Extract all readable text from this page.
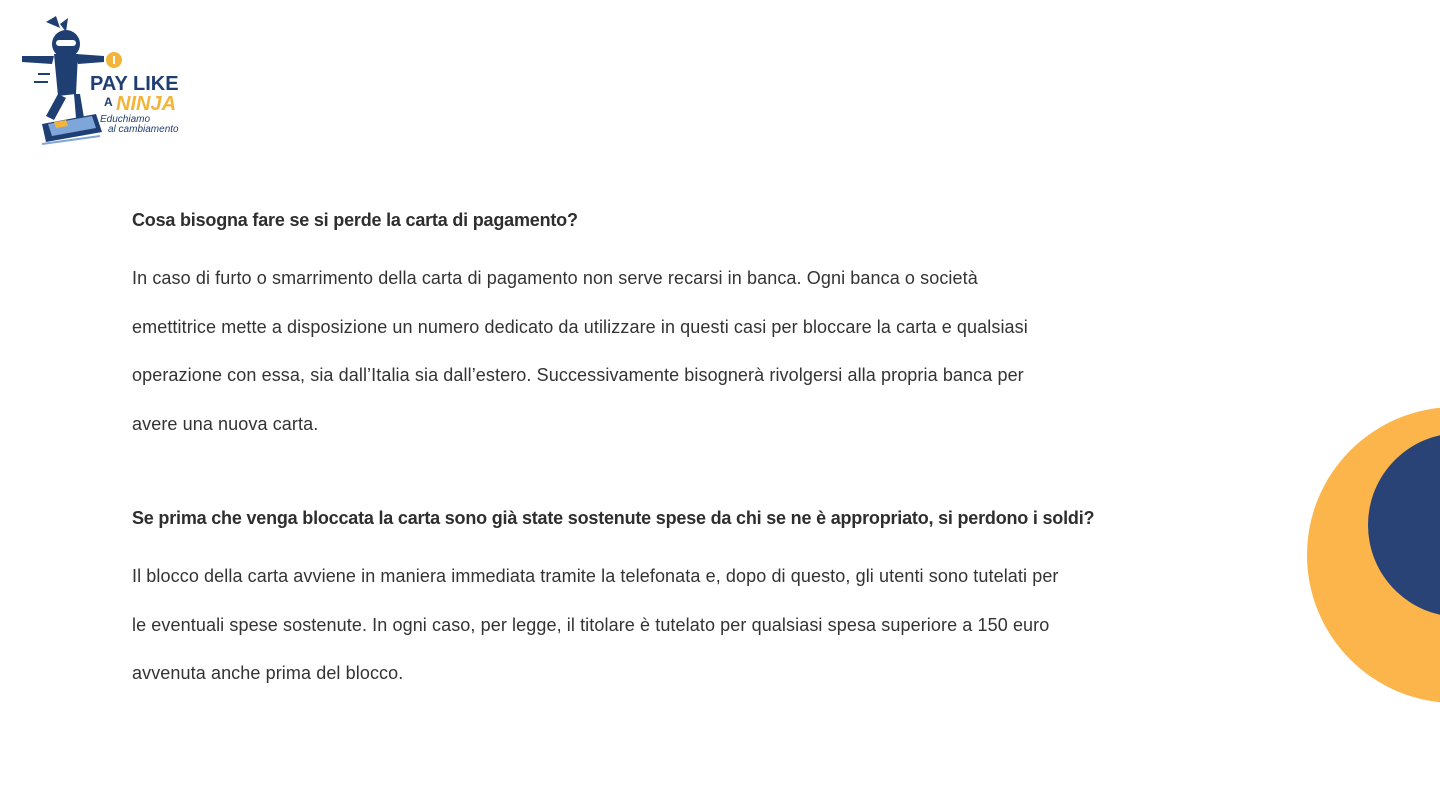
PAY LIKE
A NINJA
Educhiamo
al cambiamento
Cosa bisogna fare se si perde la carta di pagamento?

In caso di furto o smarrimento della carta di pagamento non serve recarsi in banca. Ogni banca o società
emettitrice mette a disposizione un numero dedicato da utilizzare in questi casi per bloccare la carta e qualsiasi
operazione con essa, sia dall’Italia sia dall’estero. Successivamente bisognerà rivolgersi alla propria banca per
avere una nuova carta.

Se prima che venga bloccata la carta sono già state sostenute spese da chi se ne è appropriato, si perdono i soldi?

Il blocco della carta avviene in maniera immediata tramite la telefonata e, dopo di questo, gli utenti sono tutelati per
le eventuali spese sostenute. In ogni caso, per legge, il titolare è tutelato per qualsiasi spesa superiore a 150 euro
avvenuta anche prima del blocco.
